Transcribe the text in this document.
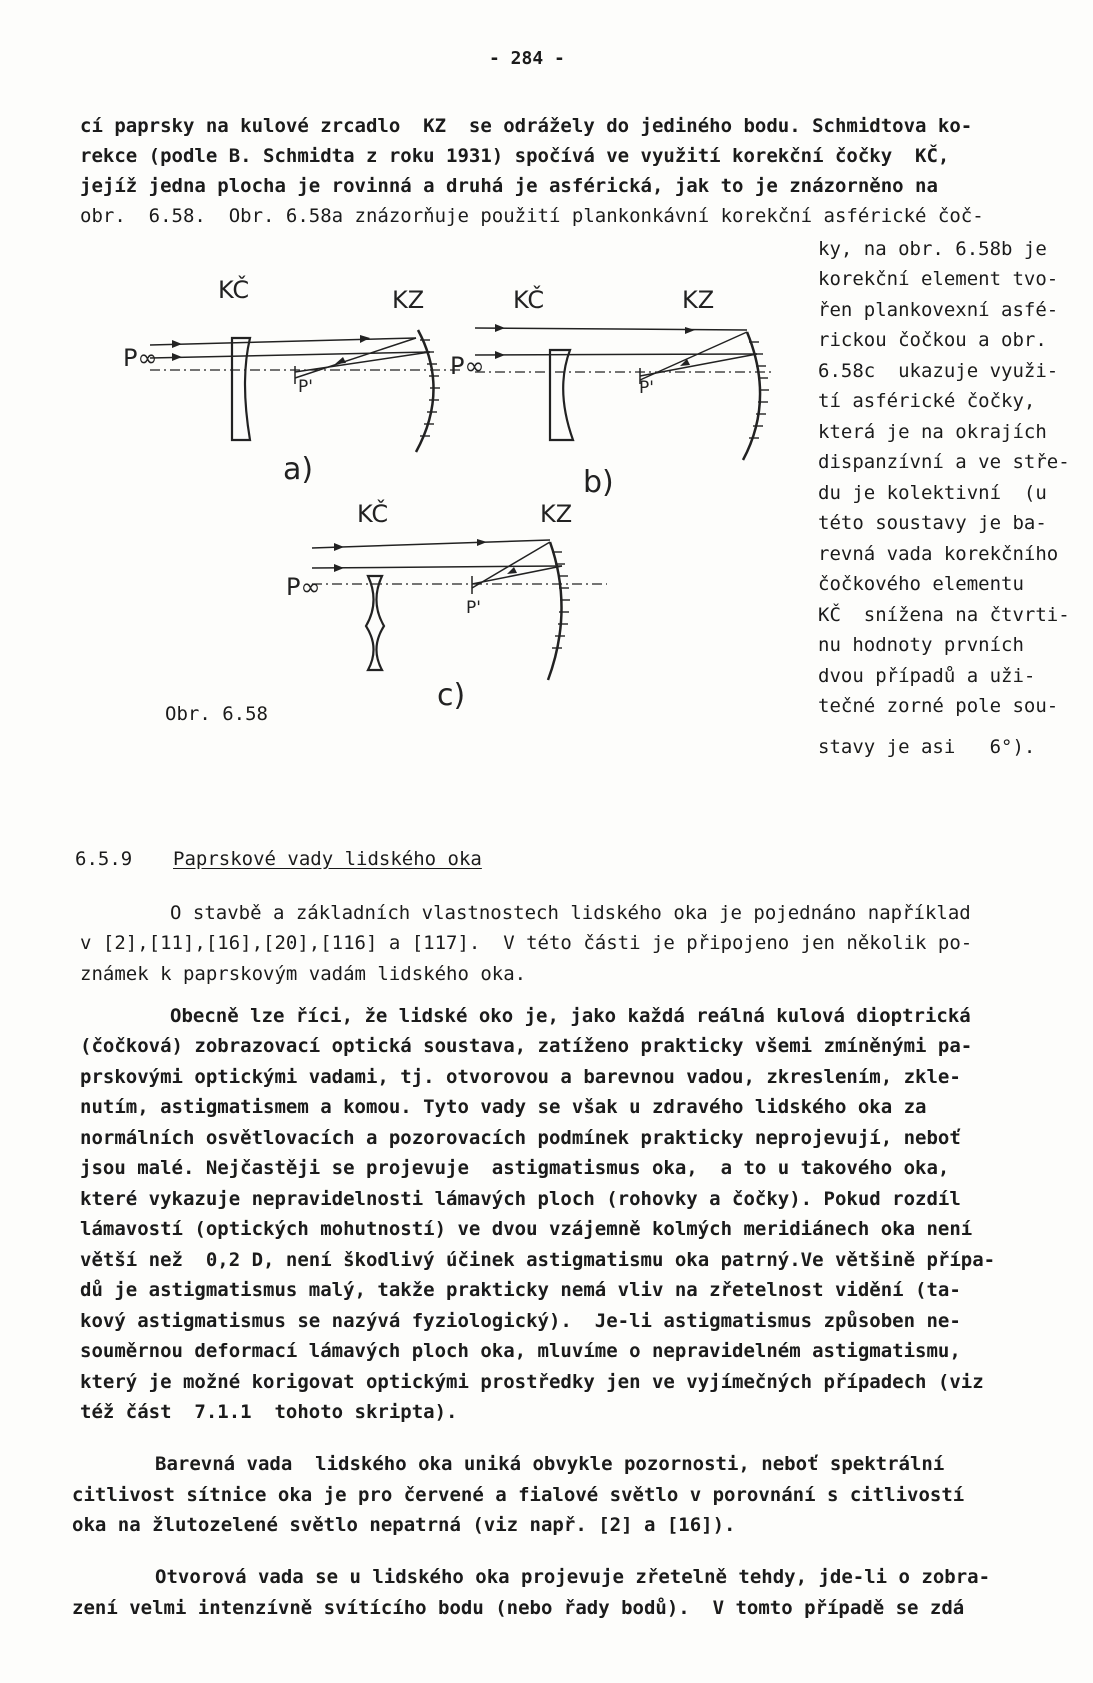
- 284 -
cí paprsky na kulové zrcadlo  KZ  se odrážely do jediného bodu. Schmidtova ko-
rekce (podle B. Schmidta z roku 1931) spočívá ve využití korekční čočky  KČ,
jejíž jedna plocha je rovinná a druhá je asférická, jak to je znázorněno na
obr.  6.58.  Obr. 6.58a znázorňuje použití plankonkávní korekční asférické čoč-
ky, na obr. 6.58b je
korekční element tvo-
řen plankovexní asfé-
rickou čočkou a obr.
6.58c  ukazuje využi-
tí asférické čočky,
která je na okrajích
dispanzívní a ve stře-
du je kolektivní  (u
této soustavy je ba-
revná vada korekčního
čočkového elementu
KČ  snížena na čtvrti-
nu hodnoty prvních
dvou případů a uži-
tečné zorné pole sou-
stavy je asi   6°).
KČ	KZ
P∞
P'
a)
KČ	KZ
P∞
P'
b)
KČ	KZ
P∞
P'
c)
Obr. 6.58
6.5.9 Paprskové vady lidského oka
O stavbě a základních vlastnostech lidského oka je pojednáno například
v [2],[11],[16],[20],[116] a [117].  V této části je připojeno jen několik po-
známek k paprskovým vadám lidského oka.
Obecně lze říci, že lidské oko je, jako každá reálná kulová dioptrická
(čočková) zobrazovací optická soustava, zatíženo prakticky všemi zmíněnými pa-
prskovými optickými vadami, tj. otvorovou a barevnou vadou, zkreslením, zkle-
nutím, astigmatismem a komou. Tyto vady se však u zdravého lidského oka za
normálních osvětlovacích a pozorovacích podmínek prakticky neprojevují, neboť
jsou malé. Nejčastěji se projevuje  astigmatismus oka,  a to u takového oka,
které vykazuje nepravidelnosti lámavých ploch (rohovky a čočky). Pokud rozdíl
lámavostí (optických mohutností) ve dvou vzájemně kolmých meridiánech oka není
větší než  0,2 D, není škodlivý účinek astigmatismu oka patrný.Ve většině přípa-
dů je astigmatismus malý, takže prakticky nemá vliv na zřetelnost vidění (ta-
kový astigmatismus se nazývá fyziologický).  Je-li astigmatismus způsoben ne-
souměrnou deformací lámavých ploch oka, mluvíme o nepravidelném astigmatismu,
který je možné korigovat optickými prostředky jen ve vyjímečných případech (viz
též část  7.1.1  tohoto skripta).
Barevná vada  lidského oka uniká obvykle pozornosti, neboť spektrální
citlivost sítnice oka je pro červené a fialové světlo v porovnání s citlivostí
oka na žlutozelené světlo nepatrná (viz např. [2] a [16]).
Otvorová vada se u lidského oka projevuje zřetelně tehdy, jde-li o zobra-
zení velmi intenzívně svítícího bodu (nebo řady bodů).  V tomto případě se zdá
